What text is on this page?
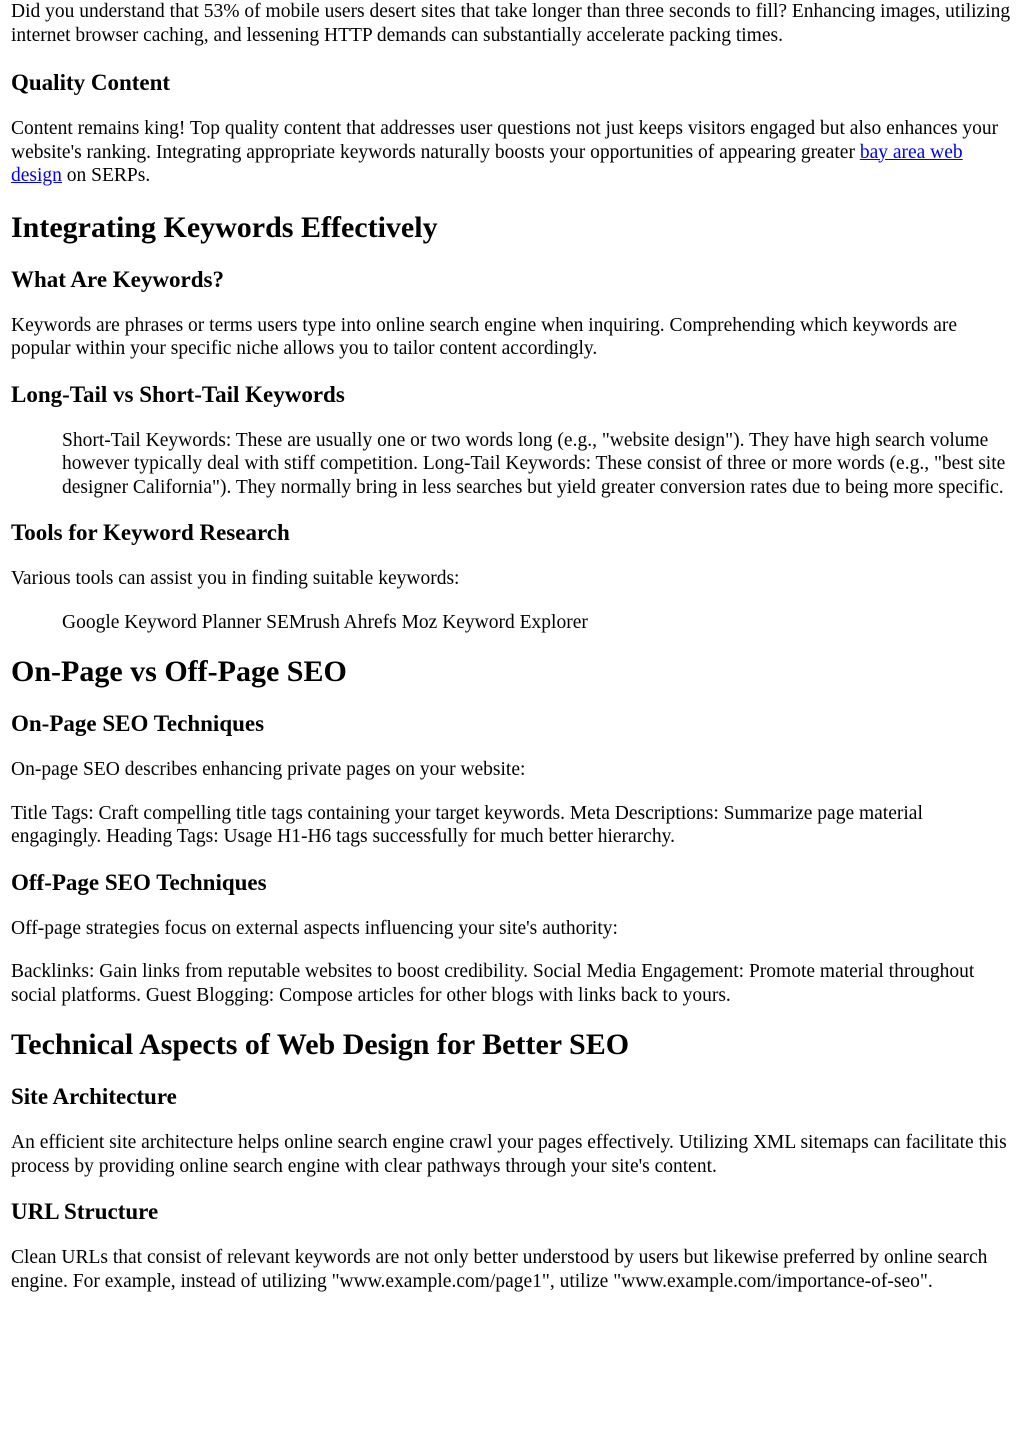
Did you understand that 53% of mobile users desert sites that take longer than three seconds to fill? Enhancing images, utilizing internet browser caching, and lessening HTTP demands can substantially accelerate packing times.

Quality Content

Content remains king! Top quality content that addresses user questions not just keeps visitors engaged but also enhances your website's ranking. Integrating appropriate keywords naturally boosts your opportunities of appearing greater bay area web design on SERPs.

Integrating Keywords Effectively
What Are Keywords?

Keywords are phrases or terms users type into online search engine when inquiring. Comprehending which keywords are popular within your specific niche allows you to tailor content accordingly.

Long-Tail vs Short-Tail Keywords
Short-Tail Keywords: These are usually one or two words long (e.g., "website design"). They have high search volume however typically deal with stiff competition. Long-Tail Keywords: These consist of three or more words (e.g., "best site designer California"). They normally bring in less searches but yield greater conversion rates due to being more specific.
Tools for Keyword Research

Various tools can assist you in finding suitable keywords:

Google Keyword Planner SEMrush Ahrefs Moz Keyword Explorer
On-Page vs Off-Page SEO
On-Page SEO Techniques

On-page SEO describes enhancing private pages on your website:

Title Tags: Craft compelling title tags containing your target keywords. Meta Descriptions: Summarize page material engagingly. Heading Tags: Usage H1-H6 tags successfully for much better hierarchy.

Off-Page SEO Techniques

Off-page strategies focus on external aspects influencing your site's authority:

Backlinks: Gain links from reputable websites to boost credibility. Social Media Engagement: Promote material throughout social platforms. Guest Blogging: Compose articles for other blogs with links back to yours.

Technical Aspects of Web Design for Better SEO
Site Architecture

An efficient site architecture helps online search engine crawl your pages effectively. Utilizing XML sitemaps can facilitate this process by providing online search engine with clear pathways through your site's content.

URL Structure

Clean URLs that consist of relevant keywords are not only better understood by users but likewise preferred by online search engine. For example, instead of utilizing "www.example.com/page1", utilize "www.example.com/importance-of-seo".
